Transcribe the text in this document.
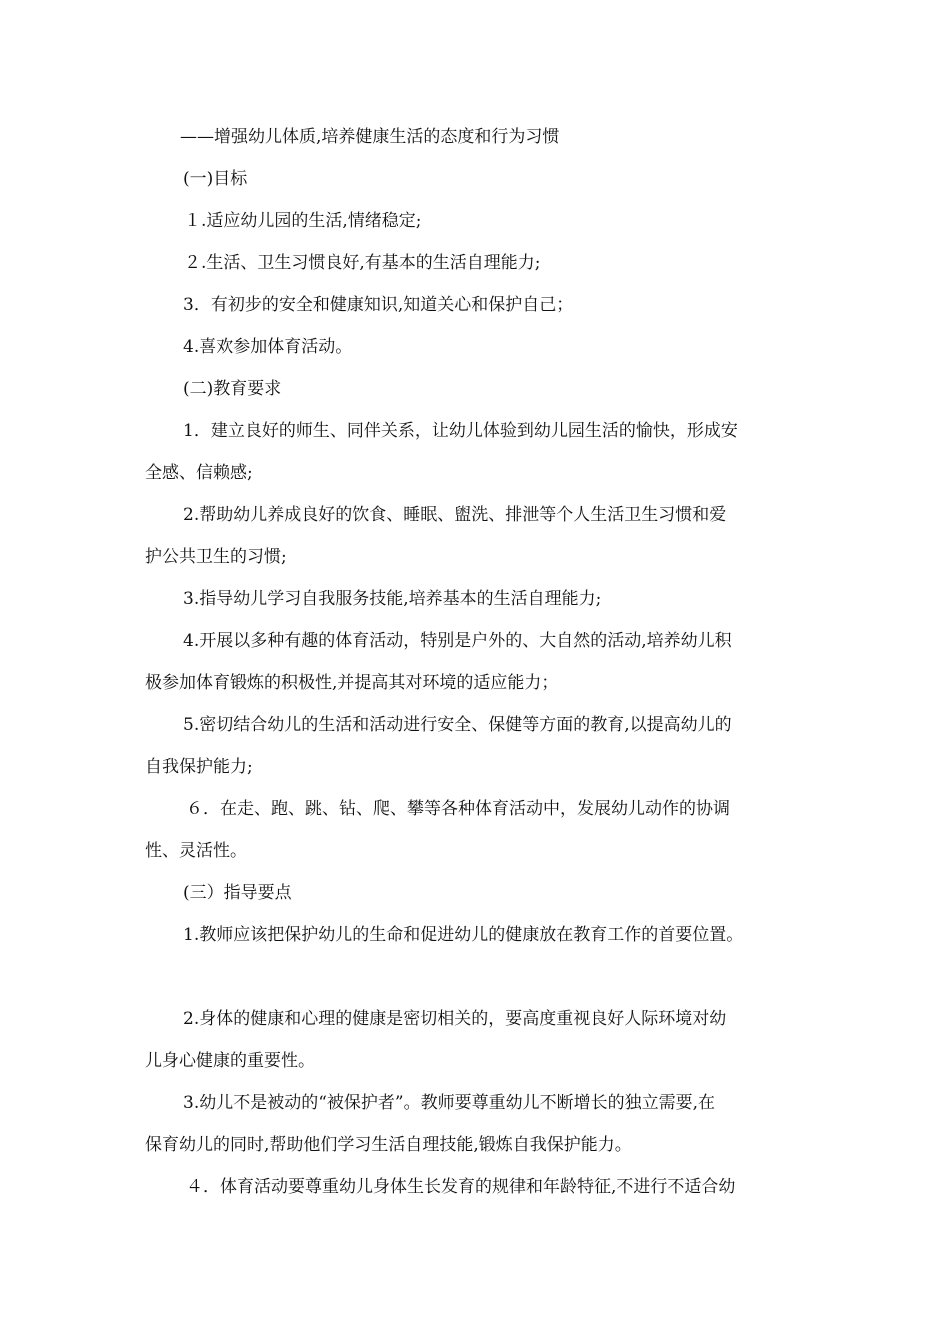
——增强幼儿体质,培养健康生活的态度和行为习惯
(一)目标
１.适应幼儿园的生活,情绪稳定;
２.生活、卫生习惯良好,有基本的生活自理能力;
3．有初步的安全和健康知识,知道关心和保护自己；
4.喜欢参加体育活动。
(二)教育要求
1．建立良好的师生、同伴关系，让幼儿体验到幼儿园生活的愉快，形成安
全感、信赖感;
2.帮助幼儿养成良好的饮食、睡眠、盥洗、排泄等个人生活卫生习惯和爱
护公共卫生的习惯;
3.指导幼儿学习自我服务技能,培养基本的生活自理能力;
4.开展以多种有趣的体育活动，特别是户外的、大自然的活动,培养幼儿积
极参加体育锻炼的积极性,并提高其对环境的适应能力；
5.密切结合幼儿的生活和活动进行安全、保健等方面的教育,以提高幼儿的
自我保护能力;
６．在走、跑、跳、钻、爬、攀等各种体育活动中，发展幼儿动作的协调
性、灵活性。
(三）指导要点
1.教师应该把保护幼儿的生命和促进幼儿的健康放在教育工作的首要位置。
2.身体的健康和心理的健康是密切相关的，要高度重视良好人际环境对幼
儿身心健康的重要性。
3.幼儿不是被动的“被保护者”。教师要尊重幼儿不断增长的独立需要,在
保育幼儿的同时,帮助他们学习生活自理技能,锻炼自我保护能力。
４．体育活动要尊重幼儿身体生长发育的规律和年龄特征,不进行不适合幼
